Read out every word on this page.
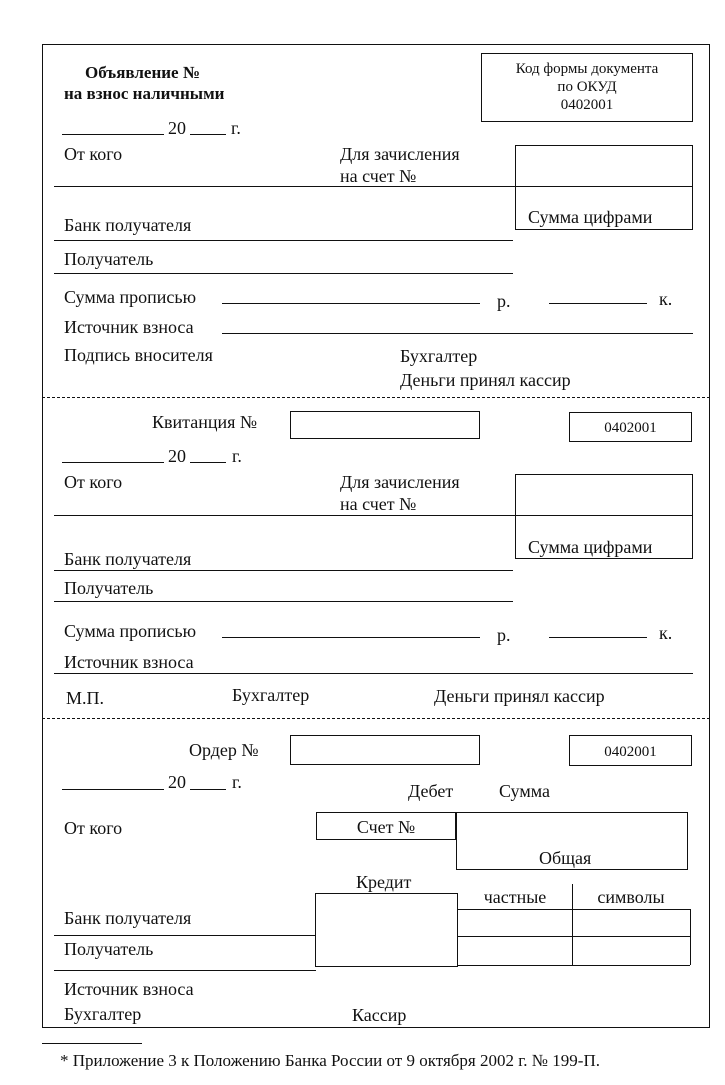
Объявление №
на взнос наличными
Код формы документа
по ОКУД
0402001
20	г.
От кого	Для зачисления
на счет №
Сумма цифрами
Банк получателя
Получатель
Сумма прописью	р.	к.
Источник взноса
Подпись вносителя	Бухгалтер
Деньги принял кассир
Квитанция №	0402001
20	г.
От кого	Для зачисления
на счет №
Сумма цифрами
Банк получателя
Получатель
Сумма прописью	р.	к.
Источник взноса
М.П.	Бухгалтер	Деньги принял кассир
Ордер №	0402001
20	г.	Дебет	Сумма
От кого	Счет №
Общая
Кредит
частные	символы
Банк получателя
Получатель
Источник взноса
Бухгалтер	Кассир
* Приложение 3 к Положению Банка России от 9 октября 2002 г. № 199-П.
